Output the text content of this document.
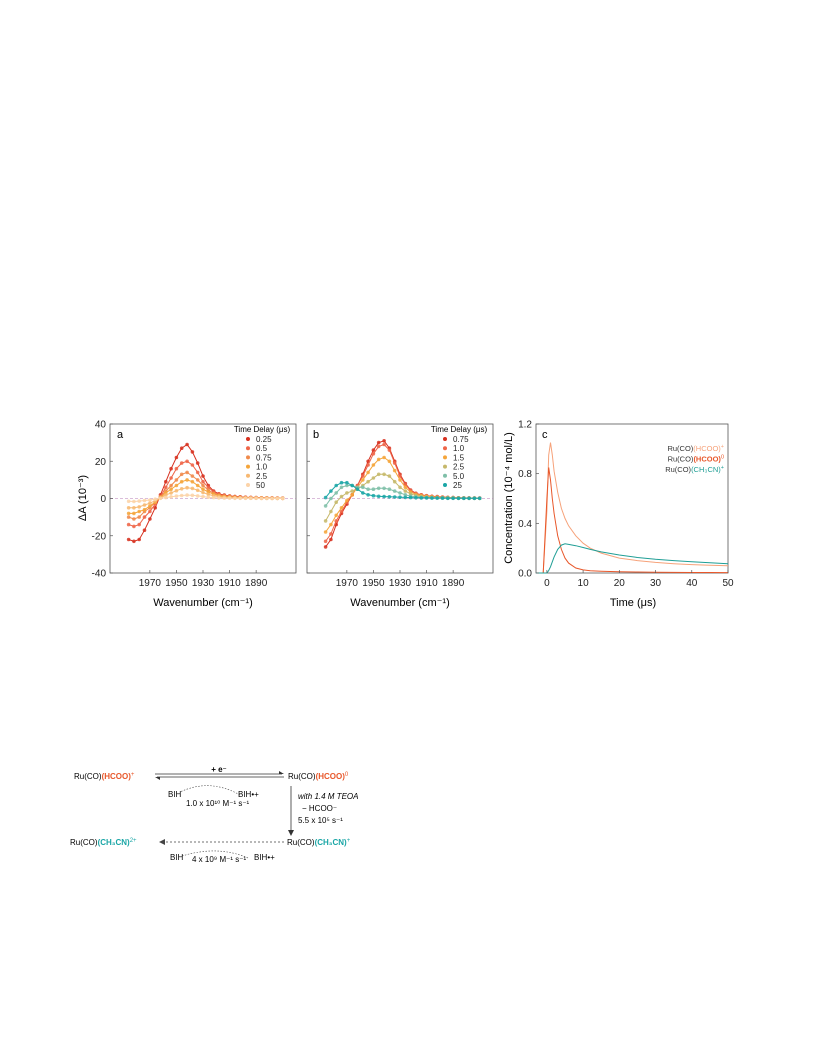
a	Time Delay (μs)
0.25
0.5
0.75
1.0
2.5
50
1970 1950 1930 1910 1890
40
20
0
-20
-40
Wavenumber (cm⁻¹)
ΔA (10⁻³)
b	Time Delay (μs)
0.75
1.0
1.5
2.5
5.0
25
1970 1950 1930 1910 1890
Wavenumber (cm⁻¹)
c
Ru(CO)(HCOO)+
Ru(CO)(HCOO)$^0$
Ru(CO)(CH₃CN)+
0	10	20	30	40	50
0.0
0.4
0.8
1.2
Time (μs)
Concentration (10⁻⁴ mol/L)
Ru(CO)(HCOO)+	Ru(CO)(HCOO)$^0$
$Ru(CO)(CH_3CN)^{2+}$	Ru(CO)(CH₃CN)+
+ e⁻
BIH	BIH•+
1.0 x 10¹⁰ M⁻¹ s⁻¹
with 1.4 M TEOA
− HCOO⁻
5.5 x 10⁵ s⁻¹
BIH 4 x 10⁹ M⁻¹ s⁻¹ BIH•+
